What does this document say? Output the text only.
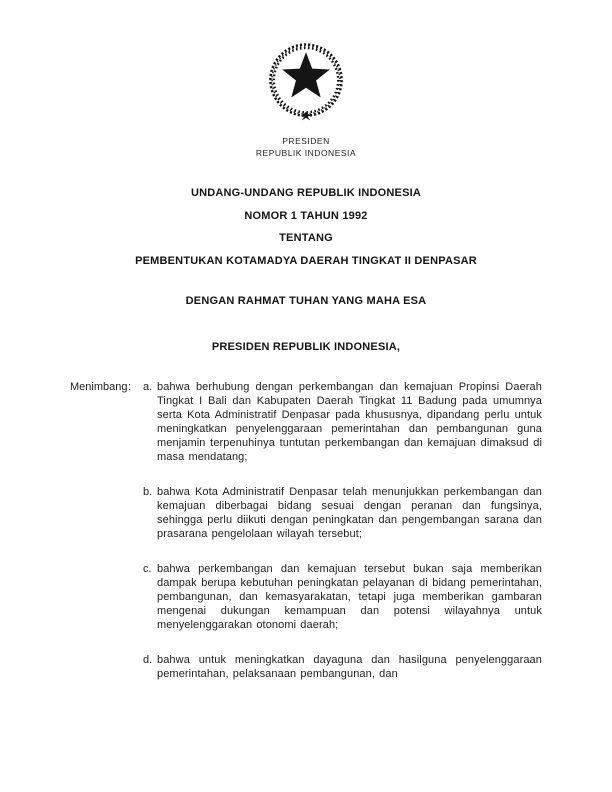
PRESIDEN
REPUBLIK INDONESIA
UNDANG-UNDANG REPUBLIK INDONESIA
NOMOR 1 TAHUN 1992
TENTANG
PEMBENTUKAN KOTAMADYA DAERAH TINGKAT II DENPASAR
DENGAN RAHMAT TUHAN YANG MAHA ESA
PRESIDEN REPUBLIK INDONESIA,
Menimbang :	a. bahwa berhubung dengan perkembangan dan kemajuan Propinsi Daerah Tingkat I Bali dan Kabupaten Daerah Tingkat 11 Badung pada umumnya serta Kota Administratif Denpasar pada khususnya, dipandang perlu untuk meningkatkan penyelenggaraan pemerintahan dan pembangunan guna menjamin terpenuhinya tuntutan perkembangan dan kemajuan dimaksud di masa mendatang;
b. bahwa Kota Administratif Denpasar telah menunjukkan perkembangan dan kemajuan diberbagai bidang sesuai dengan peranan dan fungsinya, sehingga perlu diikuti dengan peningkatan dan pengembangan sarana dan prasarana pengelolaan wilayah tersebut;
c. bahwa perkembangan dan kemajuan tersebut bukan saja memberikan dampak berupa kebutuhan peningkatan pelayanan di bidang pemerintahan, pembangunan, dan kemasyarakatan, tetapi juga memberikan gambaran mengenai dukungan kemampuan dan potensi wilayahnya untuk menyelenggarakan otonomi daerah;
d. bahwa untuk meningkatkan dayaguna dan hasilguna penyelenggaraan pemerintahan, pelaksanaan pembangunan, dan
